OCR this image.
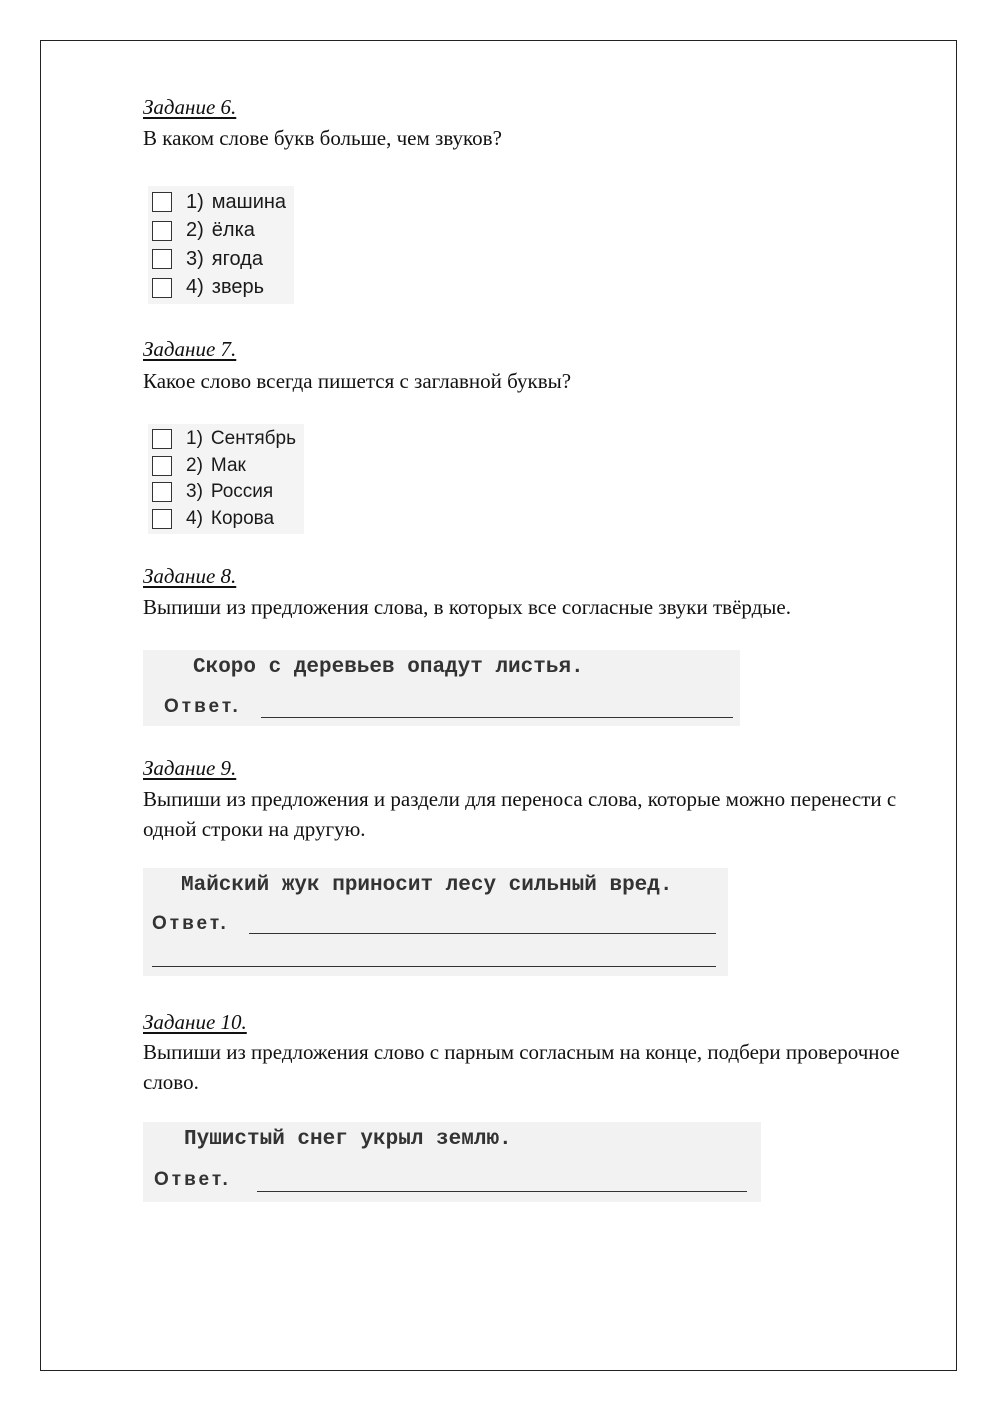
Задание 6.
В каком слове букв больше, чем звуков?
1) машина
2) ёлка
3) ягода
4) зверь
Задание 7.
Какое слово всегда пишется с заглавной буквы?
1) Сентябрь
2) Мак
3) Россия
4) Корова
Задание 8.
Выпиши из предложения слова, в которых все согласные звуки твёрдые.
Скоро с деревьев опадут листья.
Ответ.
Задание 9.
Выпиши из предложения и раздели для переноса слова, которые можно перенести с одной строки на другую.
Майский жук приносит лесу сильный вред.
Ответ.
Задание 10.
Выпиши из предложения слово с парным согласным на конце, подбери проверочное слово.
Пушистый снег укрыл землю.
Ответ.
